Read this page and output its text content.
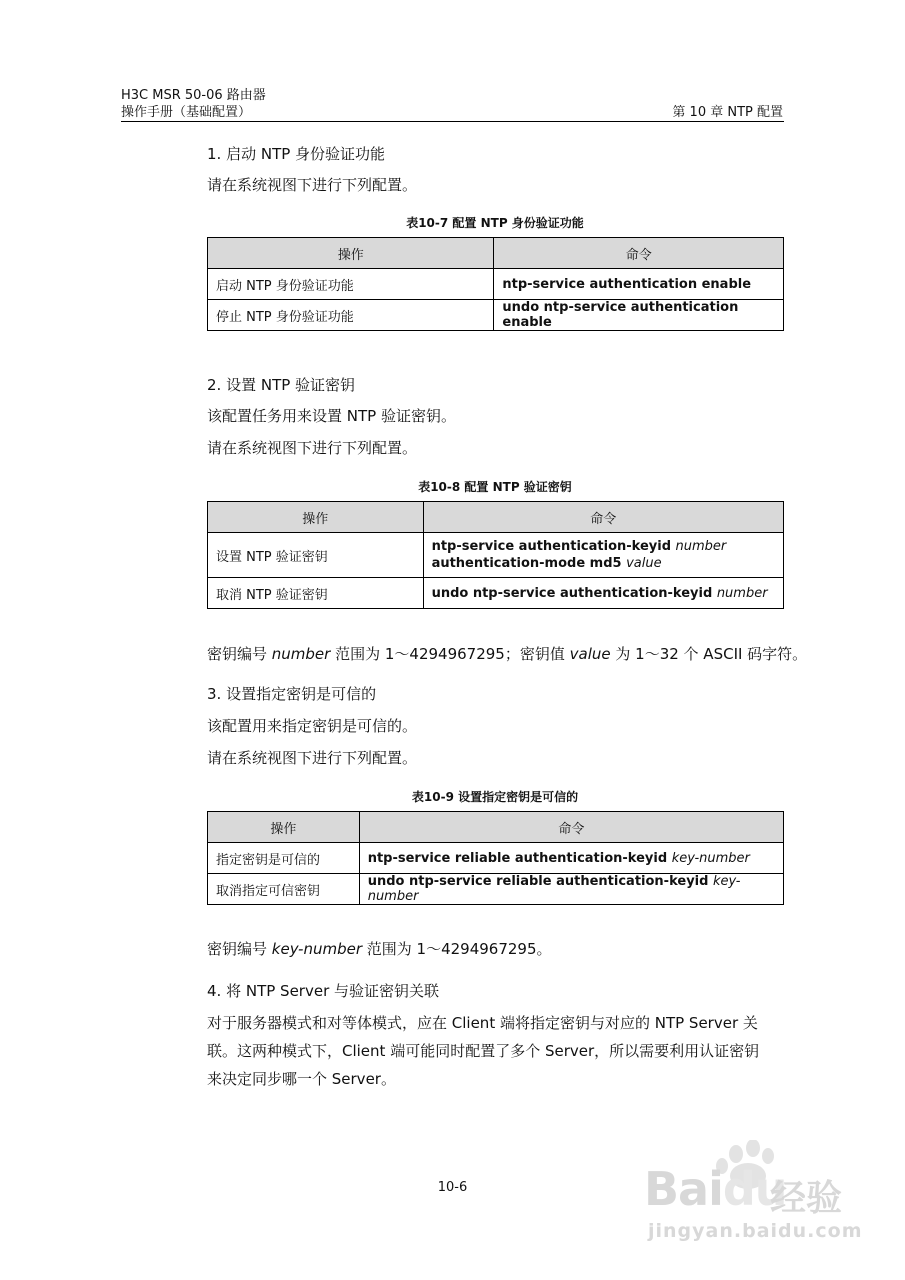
H3C MSR 50-06 路由器
操作手册（基础配置）	第 10 章 NTP 配置
1. 启动 NTP 身份验证功能
请在系统视图下进行下列配置。
表10-7 配置 NTP 身份验证功能
操作	命令
启动 NTP 身份验证功能	ntp-service authentication enable
停止 NTP 身份验证功能	undo ntp-service authentication enable
2. 设置 NTP 验证密钥
该配置任务用来设置 NTP 验证密钥。
请在系统视图下进行下列配置。
表10-8 配置 NTP 验证密钥
操作	命令
设置 NTP 验证密钥	ntp-service authentication-keyid number
authentication-mode md5 value
取消 NTP 验证密钥	undo ntp-service authentication-keyid number
密钥编号 number 范围为 1～4294967295；密钥值 value 为 1～32 个 ASCII 码字符。
3. 设置指定密钥是可信的
该配置用来指定密钥是可信的。
请在系统视图下进行下列配置。
表10-9 设置指定密钥是可信的
操作	命令
指定密钥是可信的	ntp-service reliable authentication-keyid key-number
取消指定可信密钥	undo ntp-service reliable authentication-keyid key-number
密钥编号 key-number 范围为 1～4294967295。
4. 将 NTP Server 与验证密钥关联
对于服务器模式和对等体模式，应在 Client 端将指定密钥与对应的 NTP Server 关
联。这两种模式下，Client 端可能同时配置了多个 Server，所以需要利用认证密钥
来决定同步哪一个 Server。
10-6	Baidu
经验
jingyan.baidu.com
